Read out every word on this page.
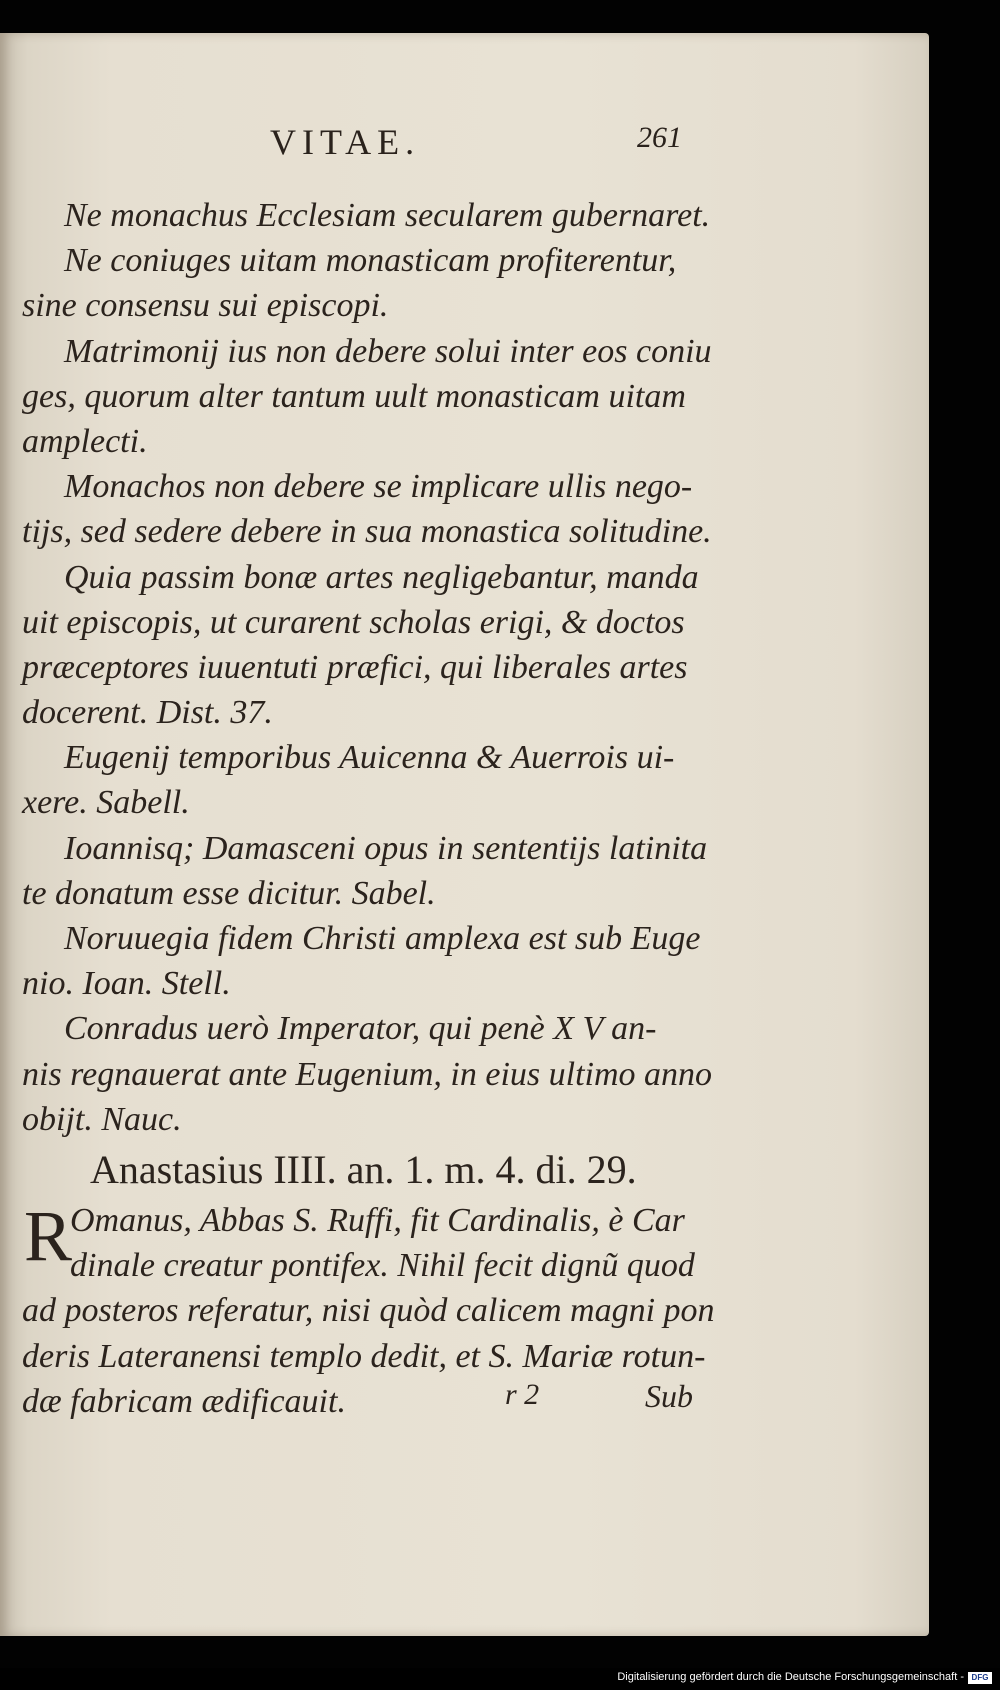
VITAE.	261
Ne monachus Ecclesiam secularem gubernaret.
Ne coniuges uitam monasticam profiterentur,
sine consensu sui episcopi.
Matrimonij ius non debere solui inter eos coniu
ges, quorum alter tantum uult monasticam uitam
amplecti.
Monachos non debere se implicare ullis nego-
tijs, sed sedere debere in sua monastica solitudine.
Quia passim bonæ artes negligebantur, manda
uit episcopis, ut curarent scholas erigi, & doctos
præceptores iuuentuti præfici, qui liberales artes
docerent. Dist. 37.
Eugenij temporibus Auicenna & Auerrois ui-
xere. Sabell.
Ioannisq; Damasceni opus in sententijs latinita
te donatum esse dicitur. Sabel.
Noruuegia fidem Christi amplexa est sub Euge
nio. Ioan. Stell.
Conradus uerò Imperator, qui penè X V an-
nis regnauerat ante Eugenium, in eius ultimo anno
obijt. Nauc.
Anastasius IIII. an. 1. m. 4. di. 29.
R
Omanus, Abbas S. Ruffi, fit Cardinalis, è Car
dinale creatur pontifex. Nihil fecit dignũ quod
ad posteros referatur, nisi quòd calicem magni pon
deris Lateranensi templo dedit, et S. Mariæ rotun-
dæ fabricam ædificauit.	r 2	Sub
Digitalisierung gefördert durch die Deutsche Forschungsgemeinschaft - DFG
